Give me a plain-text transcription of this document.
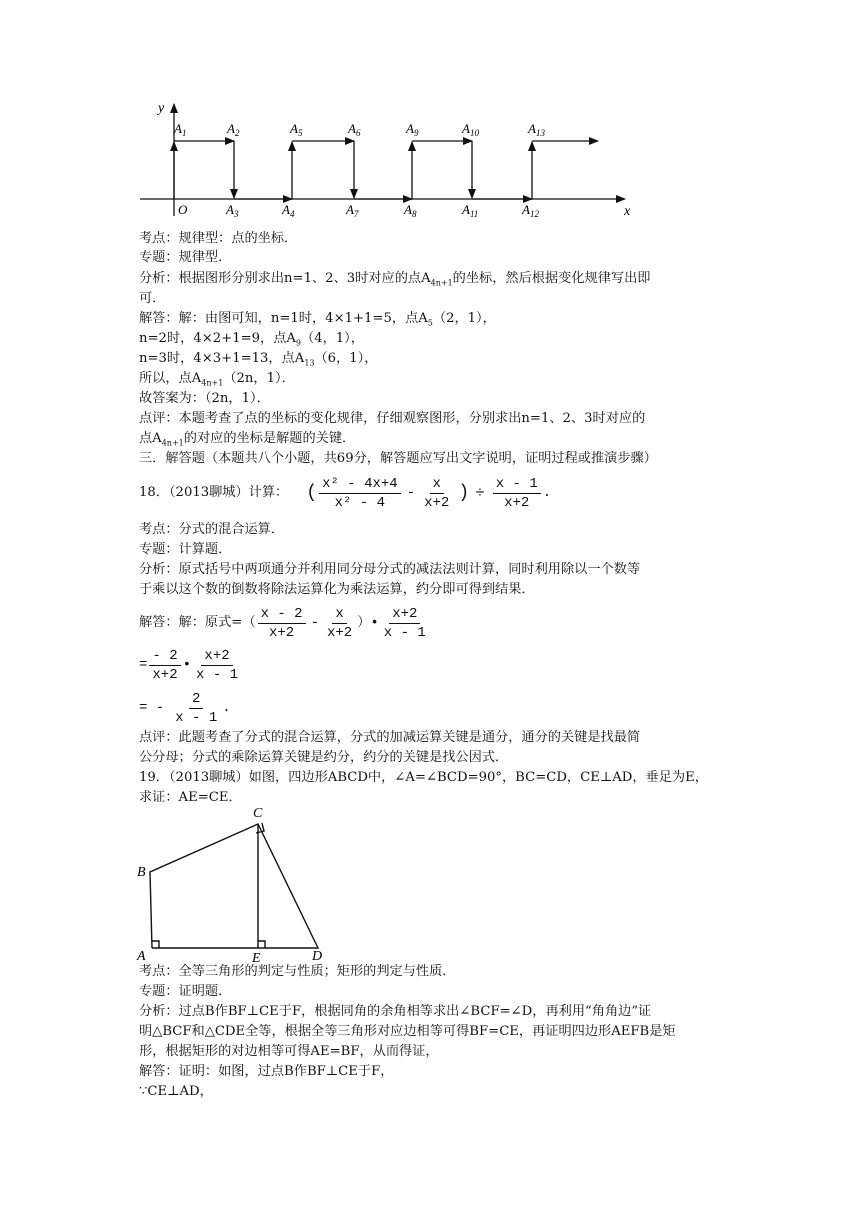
y
x
O
$A_1$	$A_2$	$A_5$	$A_6$	$A_9$	$A_{10}$	$A_{13}$
$A_3$	$A_4$	$A_7$	$A_8$	$A_{11}$	$A_{12}$
考点：规律型：点的坐标．
专题：规律型．
分析：根据图形分别求出n=1、2、3时对应的点$A_{4n+1}$的坐标，然后根据变化规律写出即
可．
解答：解：由图可知，n=1时，4×1+1=5，点$A_5(2$，1），
n=2时，4×2+1=9，点$A_9(4$，1），
n=3时，4×3+1=13，点$A_{13}(6$，1），
所以，点$A_{4n+1}(2n$，1）．
故答案为：（2n，1）．
点评：本题考查了点的坐标的变化规律，仔细观察图形，分别求出n=1、2、3时对应的
点$A_{4n+1}$的对应的坐标是解题的关键．
三．解答题（本题共八个小题，共69分，解答题应写出文字说明，证明过程或推演步骤）
18．（2013聊城）计算： ( $\frac{\text{x² - 4x+4}}{\text{x² - 4}} - \frac{x}{x+2}$ ) ÷ $\frac{x - 1}{x+2}$ .
考点：分式的混合运算．
专题：计算题．
分析：原式括号中两项通分并利用同分母分式的减法法则计算，同时利用除以一个数等
于乘以这个数的倒数将除法运算化为乘法运算，约分即可得到结果．
解答：解：原式=（ $\frac{x - 2}{x+2} - \frac{x}{x+2}$ ） • $\frac{x+2}{x - 1}$
= $\frac{- 2}{x+2}$ • $\frac{x+2}{x - 1}$
= - $\frac{2}{x - 1}$ .
点评：此题考查了分式的混合运算，分式的加减运算关键是通分，通分的关键是找最简
公分母；分式的乘除运算关键是约分，约分的关键是找公因式．
19．（2013聊城）如图，四边形ABCD中，∠A=∠BCD=90°，BC=CD，CE⊥AD，垂足为E，
求证：AE=CE．
C
B
A	E	D
考点：全等三角形的判定与性质；矩形的判定与性质．
专题：证明题．
分析：过点B作BF⊥CE于F，根据同角的余角相等求出∠BCF=∠D，再利用“角角边”证
明△BCF和△CDE全等，根据全等三角形对应边相等可得BF=CE，再证明四边形AEFB是矩
形，根据矩形的对边相等可得AE=BF，从而得证，
解答：证明：如图，过点B作BF⊥CE于F，
∵CE⊥AD，
